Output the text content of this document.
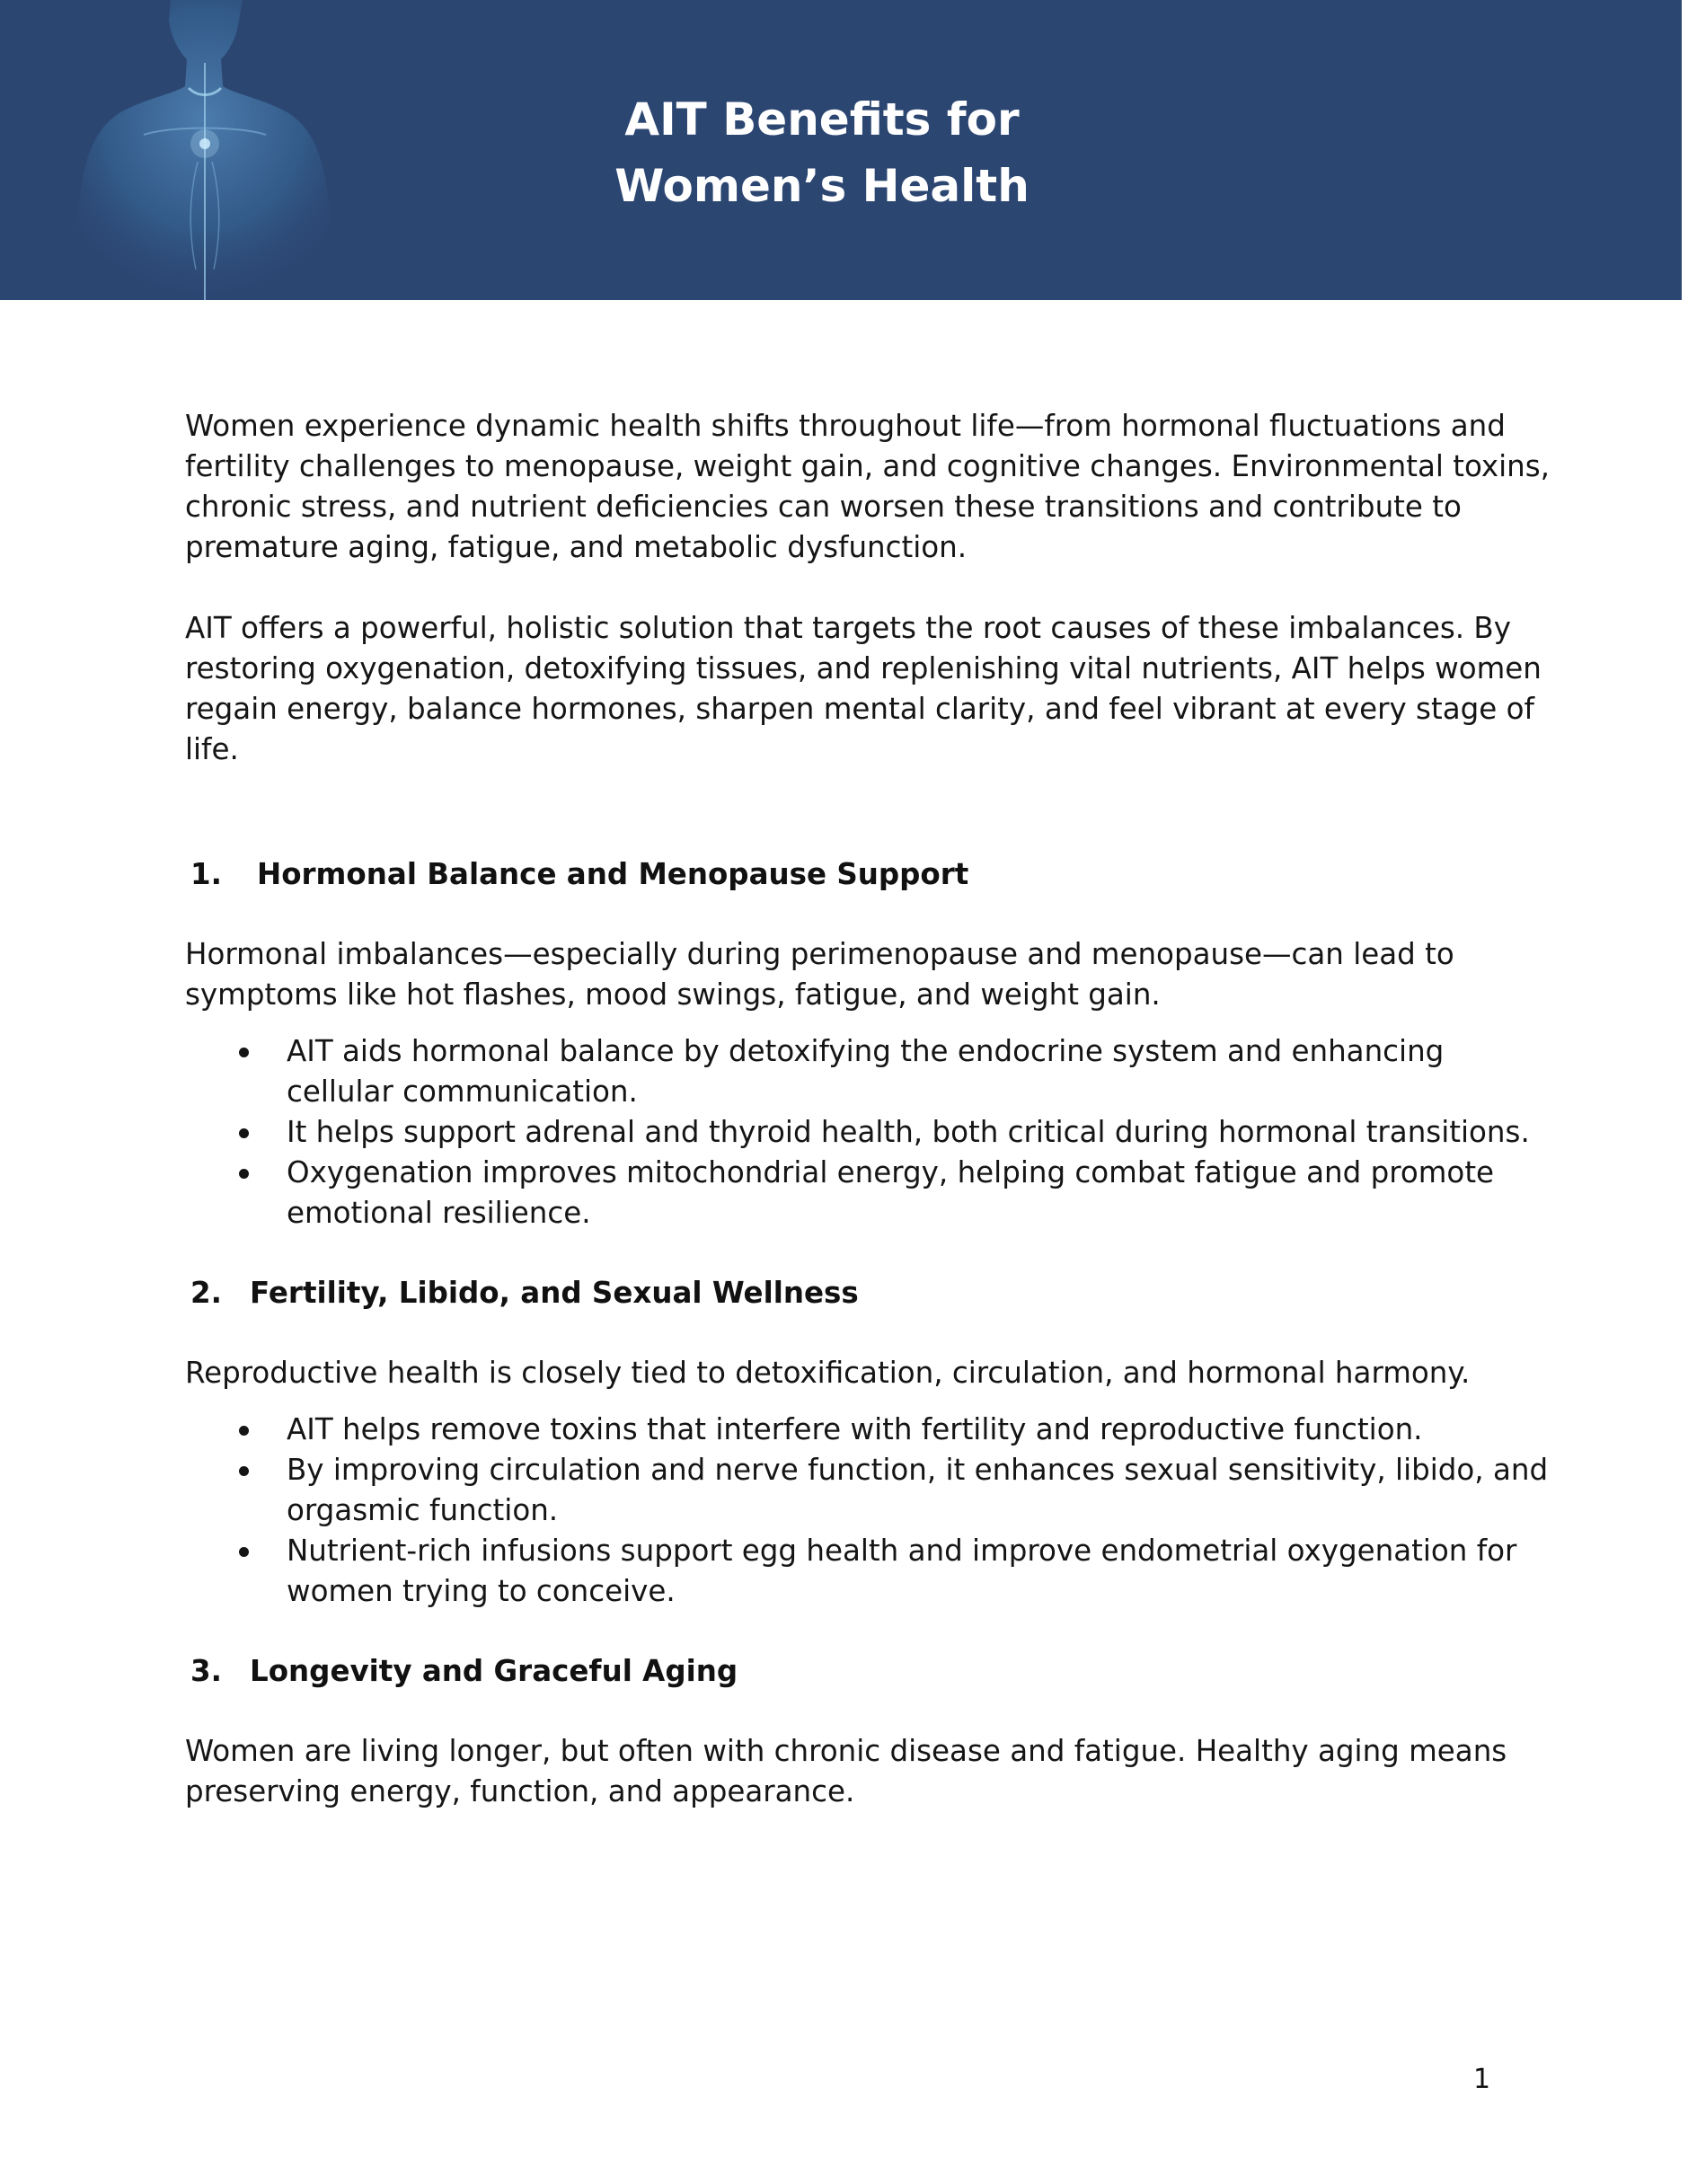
AIT Benefits for
Women’s Health

Women experience dynamic health shifts throughout life—from hormonal fluctuations and fertility challenges to menopause, weight gain, and cognitive changes. Environmental toxins, chronic stress, and nutrient deficiencies can worsen these transitions and contribute to premature aging, fatigue, and metabolic dysfunction.

AIT offers a powerful, holistic solution that targets the root causes of these imbalances. By restoring oxygenation, detoxifying tissues, and replenishing vital nutrients, AIT helps women regain energy, balance hormones, sharpen mental clarity, and feel vibrant at every stage of life.

1.	Hormonal Balance and Menopause Support

Hormonal imbalances—especially during perimenopause and menopause—can lead to symptoms like hot flashes, mood swings, fatigue, and weight gain.

AIT aids hormonal balance by detoxifying the endocrine system and enhancing cellular communication.
It helps support adrenal and thyroid health, both critical during hormonal transitions.
Oxygenation improves mitochondrial energy, helping combat fatigue and promote emotional resilience.
2. Fertility, Libido, and Sexual Wellness

Reproductive health is closely tied to detoxification, circulation, and hormonal harmony.

AIT helps remove toxins that interfere with fertility and reproductive function.
By improving circulation and nerve function, it enhances sexual sensitivity, libido, and orgasmic function.
Nutrient-rich infusions support egg health and improve endometrial oxygenation for women trying to conceive.
3. Longevity and Graceful Aging

Women are living longer, but often with chronic disease and fatigue. Healthy aging means preserving energy, function, and appearance.

1
